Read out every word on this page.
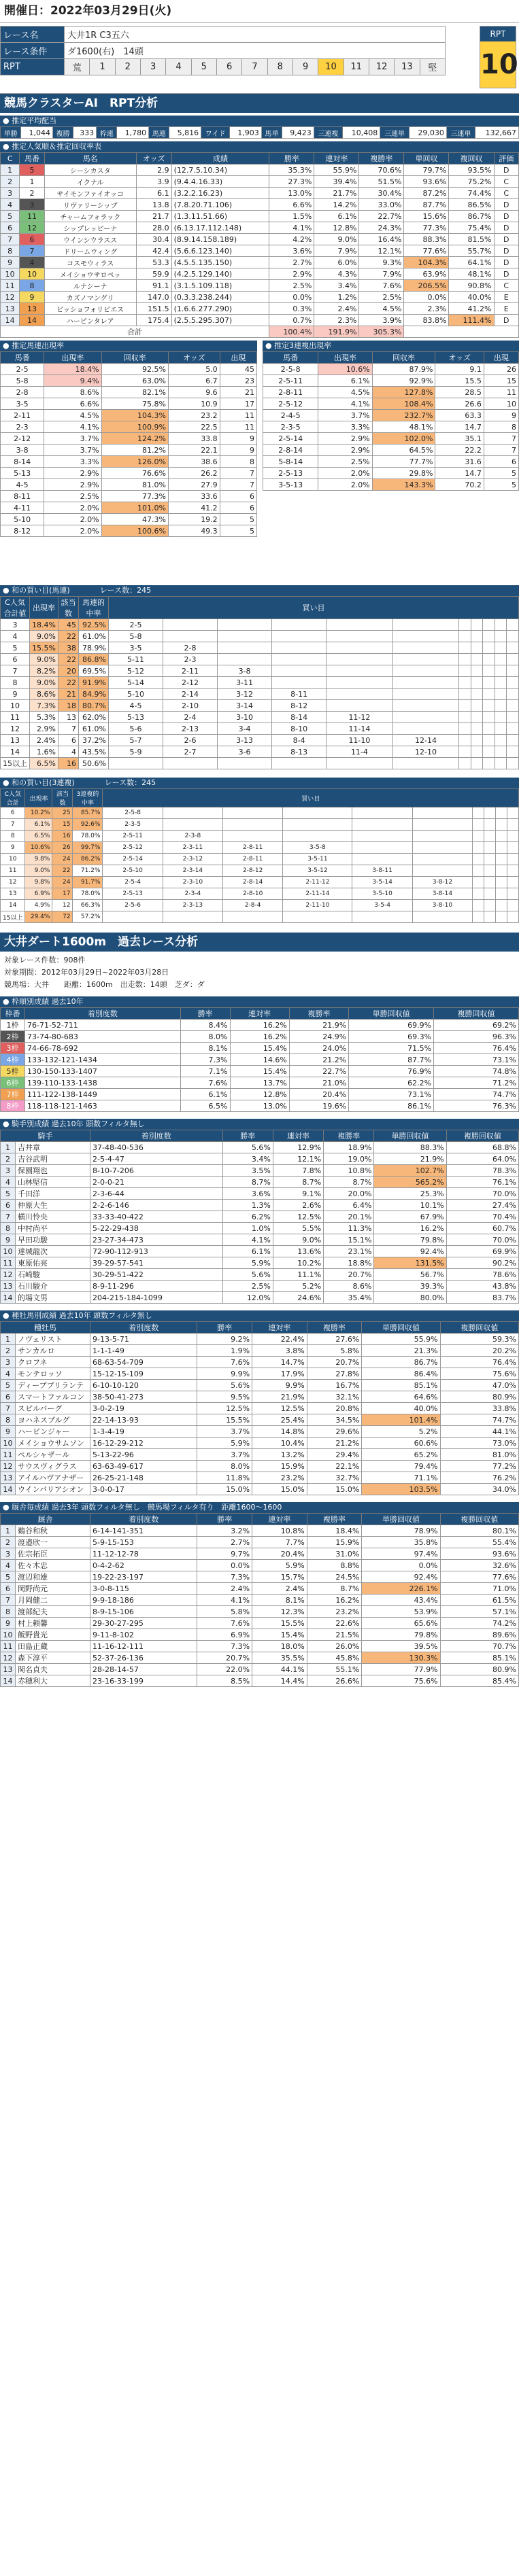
開催日：2022年03月29日(火)
レース名	大井1R C3五六														
レース条件	ダ1600(右)　14頭														
RPT	荒	1	2	3	4	5	6	7	8	9	10	11	12	13	堅
RPT
10
競馬クラスターAI　RPT分析
● 推定平均配当
単勝	1,044	複勝	333	枠連	1,780	馬連	5,816	ワイド	1,903	馬単	9,423	三連複	10,408	三連単	29,030	三連単	132,667
● 推定人気順＆推定回収率表
C	馬番	馬名	オッズ	成績	勝率	連対率	複勝率	単回収	複回収	評価
1	5	シーシカスタ	2.9	(12.7.5.10.34)	35.3%	55.9%	70.6%	79.7%	93.5%	D
2	1	イクナル	3.9	(9.4.4.16.33)	27.3%	39.4%	51.5%	93.6%	75.2%	C
3	2	サイモンファイオッコ	6.1	(3.2.2.16.23)	13.0%	21.7%	30.4%	87.2%	74.4%	C
4	3	リヴァリーシップ	13.8	(7.8.20.71.106)	6.6%	14.2%	33.0%	87.7%	86.5%	D
5	11	チャームフォラック	21.7	(1.3.11.51.66)	1.5%	6.1%	22.7%	15.6%	86.7%	D
6	12	シップレッピーナ	28.0	(6.13.17.112.148)	4.1%	12.8%	24.3%	77.3%	75.4%	D
7	6	ウインシウラスス	30.4	(8.9.14.158.189)	4.2%	9.0%	16.4%	88.3%	81.5%	D
8	7	ドリームウィング	42.4	(5.6.6.123.140)	3.6%	7.9%	12.1%	77.6%	55.7%	D
9	4	コスモウィラス	53.3	(4.5.5.135.150)	2.7%	6.0%	9.3%	104.3%	64.1%	D
10	10	メイショウサロペッ	59.9	(4.2.5.129.140)	2.9%	4.3%	7.9%	63.9%	48.1%	D
11	8	ルナシーナ	91.1	(3.1.5.109.118)	2.5%	3.4%	7.6%	206.5%	90.8%	C
12	9	カズノマングリ	147.0	(0.3.3.238.244)	0.0%	1.2%	2.5%	0.0%	40.0%	E
13	13	ビッショフォリビエス	151.5	(1.6.6.277.290)	0.3%	2.4%	4.5%	2.3%	41.2%	E
14	14	ハーピンタレア	175.4	(2.5.5.295.307)	0.7%	2.3%	3.9%	83.8%	111.4%	D
合計					100.4%	191.9%	305.3%			
● 推定馬連出現率
馬番	出現率	回収率	オッズ	出現
2-5	18.4%	92.5%	5.0	45
5-8	9.4%	63.0%	6.7	23
2-8	8.6%	82.1%	9.6	21
3-5	6.6%	75.8%	10.9	17
2-11	4.5%	104.3%	23.2	11
2-3	4.1%	100.9%	22.5	11
2-12	3.7%	124.2%	33.8	9
3-8	3.7%	81.2%	22.1	9
8-14	3.3%	126.0%	38.6	8
5-13	2.9%	76.6%	26.2	7
4-5	2.9%	81.0%	27.9	7
8-11	2.5%	77.3%	33.6	6
4-11	2.0%	101.0%	41.2	6
5-10	2.0%	47.3%	19.2	5
8-12	2.0%	100.6%	49.3	5
● 推定3連複出現率
馬番	出現率	回収率	オッズ	出現
2-5-8	10.6%	87.9%	9.1	26
2-5-11	6.1%	92.9%	15.5	15
2-8-11	4.5%	127.8%	28.5	11
2-5-12	4.1%	108.4%	26.6	10
2-4-5	3.7%	232.7%	63.3	9
2-3-5	3.3%	48.1%	14.7	8
2-5-14	2.9%	102.0%	35.1	7
2-8-14	2.9%	64.5%	22.2	7
5-8-14	2.5%	77.7%	31.6	6
2-5-13	2.0%	29.8%	14.7	5
3-5-13	2.0%	143.3%	70.2	5
● 和の買い目(馬連)　　　　	レース数：245
C人気合計値	出現率	該当数	馬連的中率	買い目										
3	18.4%	45	92.5%	2-5										
4	9.0%	22	61.0%	5-8										
5	15.5%	38	78.9%	3-5	2-8									
6	9.0%	22	86.8%	5-11	2-3									
7	8.2%	20	69.5%	5-12	2-11	3-8								
8	9.0%	22	91.9%	5-14	2-12	3-11								
9	8.6%	21	84.9%	5-10	2-14	3-12	8-11							
10	7.3%	18	80.7%	4-5	2-10	3-14	8-12							
11	5.3%	13	62.0%	5-13	2-4	3-10	8-14	11-12						
12	2.9%	7	61.0%	5-6	2-13	3-4	8-10	11-14						
13	2.4%	6	37.2%	5-7	2-6	3-13	8-4	11-10	12-14					
14	1.6%	4	43.5%	5-9	2-7	3-6	8-13	11-4	12-10					
15以上	6.5%	16	50.6%											
● 和の買い目(3連複)　　　　	レース数：245
C人気合計	出現率	該当数	3連複的中率	買い目									
6	10.2%	25	85.7%	2-5-8									
7	6.1%	15	92.6%	2-3-5									
8	6.5%	16	78.0%	2-5-11	2-3-8								
9	10.6%	26	99.7%	2-5-12	2-3-11	2-8-11	3-5-8						
10	9.8%	24	86.2%	2-5-14	2-3-12	2-8-11	3-5-11						
11	9.0%	22	71.2%	2-5-10	2-3-14	2-8-12	3-5-12	3-8-11					
12	9.8%	24	91.7%	2-5-4	2-3-10	2-8-14	2-11-12	3-5-14	3-8-12				
13	6.9%	17	78.0%	2-5-13	2-3-4	2-8-10	2-11-14	3-5-10	3-8-14				
14	4.9%	12	66.3%	2-5-6	2-3-13	2-8-4	2-11-10	3-5-4	3-8-10				
15以上	29.4%	72	57.2%										
大井ダート1600m　過去レース分析
対象レース件数：908件
対象期間：2012年03月29日~2022年03月28日
競馬場：大井　　距離：1600m　出走数：14頭　芝ダ：ダ
● 枠順別成績 過去10年
枠番	着別度数	勝率	連対率	複勝率	単勝回収値	複勝回収値
1枠	76-71-52-711	8.4%	16.2%	21.9%	69.9%	69.2%
2枠	73-74-80-683	8.0%	16.2%	24.9%	69.3%	96.3%
3枠	74-66-78-692	8.1%	15.4%	24.0%	71.5%	76.4%
4枠	133-132-121-1434	7.3%	14.6%	21.2%	87.7%	73.1%
5枠	130-150-133-1407	7.1%	15.4%	22.7%	76.9%	74.8%
6枠	139-110-133-1438	7.6%	13.7%	21.0%	62.2%	71.2%
7枠	111-122-138-1449	6.1%	12.8%	20.4%	73.1%	74.7%
8枠	118-118-121-1463	6.5%	13.0%	19.6%	86.1%	76.3%
● 騎手別成績 過去10年 頭数フィルタ無し
騎手		着別度数	勝率	連対率	複勝率	単勝回収値	複勝回収値
1	吉井章	37-48-40-536	5.6%	12.9%	18.9%	88.3%	68.8%
2	吉谷武明	2-5-4-47	3.4%	12.1%	19.0%	21.9%	64.0%
3	保園翔也	8-10-7-206	3.5%	7.8%	10.8%	102.7%	78.3%
4	山林堅信	2-0-0-21	8.7%	8.7%	8.7%	565.2%	76.1%
5	千田洋	2-3-6-44	3.6%	9.1%	20.0%	25.3%	70.0%
6	仲原大生	2-2-6-146	1.3%	2.6%	6.4%	10.1%	27.4%
7	横川怜央	33-33-40-422	6.2%	12.5%	20.1%	67.9%	70.4%
8	中村尚平	5-22-29-438	1.0%	5.5%	11.3%	16.2%	60.7%
9	早田功駿	23-27-34-473	4.1%	9.0%	15.1%	79.8%	70.0%
10	達城龍次	72-90-112-913	6.1%	13.6%	23.1%	92.4%	69.9%
11	東原佑亮	39-29-57-541	5.9%	10.2%	18.8%	131.5%	90.2%
12	石崎駿	30-29-51-422	5.6%	11.1%	20.7%	56.7%	78.6%
13	石川駿介	8-9-11-296	2.5%	5.2%	8.6%	39.3%	43.8%
14	的場文男	204-215-184-1099	12.0%	24.6%	35.4%	80.0%	83.7%
● 種牡馬別成績 過去10年 頭数フィルタ無し
種牡馬		着別度数	勝率	連対率	複勝率	単勝回収値	複勝回収値
1	ノヴェリスト	9-13-5-71	9.2%	22.4%	27.6%	55.9%	59.3%
2	サンカルロ	1-1-1-49	1.9%	3.8%	5.8%	21.3%	20.2%
3	クロフネ	68-63-54-709	7.6%	14.7%	20.7%	86.7%	76.4%
4	モンテロッソ	15-12-15-109	9.9%	17.9%	27.8%	86.4%	75.6%
5	ディープブリランテ	6-10-10-120	5.6%	9.9%	16.7%	85.1%	47.0%
6	スマートファルコン	38-50-41-273	9.5%	21.9%	32.1%	64.6%	80.9%
7	スピルバーグ	3-0-2-19	12.5%	12.5%	20.8%	40.0%	33.8%
8	ヨハネスブルグ	22-14-13-93	15.5%	25.4%	34.5%	101.4%	74.7%
9	ハービンジャー	1-3-4-19	3.7%	14.8%	29.6%	5.2%	44.1%
10	メイショウサムソン	16-12-29-212	5.9%	10.4%	21.2%	60.6%	73.0%
11	ペルシャザール	5-13-22-96	3.7%	13.2%	29.4%	65.2%	81.0%
12	サウスヴィグラス	63-63-49-617	8.0%	15.9%	22.1%	79.4%	77.2%
13	アイルハヴアナザー	26-25-21-148	11.8%	23.2%	32.7%	71.1%	76.2%
14	ウインバリアシオン	3-0-0-17	15.0%	15.0%	15.0%	103.5%	34.0%
● 厩舎毎成績 過去3年 頭数フィルタ無し　競馬場フィルタ有り　距離1600～1600
厩舎		着別度数	勝率	連対率	複勝率	単勝回収値	複勝回収値
1	鵜谷和秋	6-14-141-351	3.2%	10.8%	18.4%	78.9%	80.1%
2	渡邉欣一	5-9-15-153	2.7%	7.7%	15.9%	35.8%	55.4%
3	佐宗拓臣	11-12-12-78	9.7%	20.4%	31.0%	97.4%	93.6%
4	佐々木忠	0-4-2-62	0.0%	5.9%	8.8%	0.0%	32.6%
5	渡辺和雄	19-22-23-197	7.3%	15.7%	24.5%	92.4%	77.6%
6	岡野尚元	3-0-8-115	2.4%	2.4%	8.7%	226.1%	71.0%
7	月岡健二	9-9-18-186	4.1%	8.1%	16.2%	43.4%	61.5%
8	渡部紀夫	8-9-15-106	5.8%	12.3%	23.2%	53.9%	57.1%
9	村上頼馨	29-30-27-295	7.6%	15.5%	22.6%	65.6%	74.2%
10	飯野貴光	9-11-8-102	6.9%	15.4%	21.5%	79.8%	89.6%
11	田島正蔵	11-16-12-111	7.3%	18.0%	26.0%	39.5%	70.7%
12	森下淳平	52-37-26-136	20.7%	35.5%	45.8%	130.3%	85.1%
13	関名貞夫	28-28-14-57	22.0%	44.1%	55.1%	77.9%	80.9%
14	赤穂利大	23-16-33-199	8.5%	14.4%	26.6%	75.6%	85.4%
